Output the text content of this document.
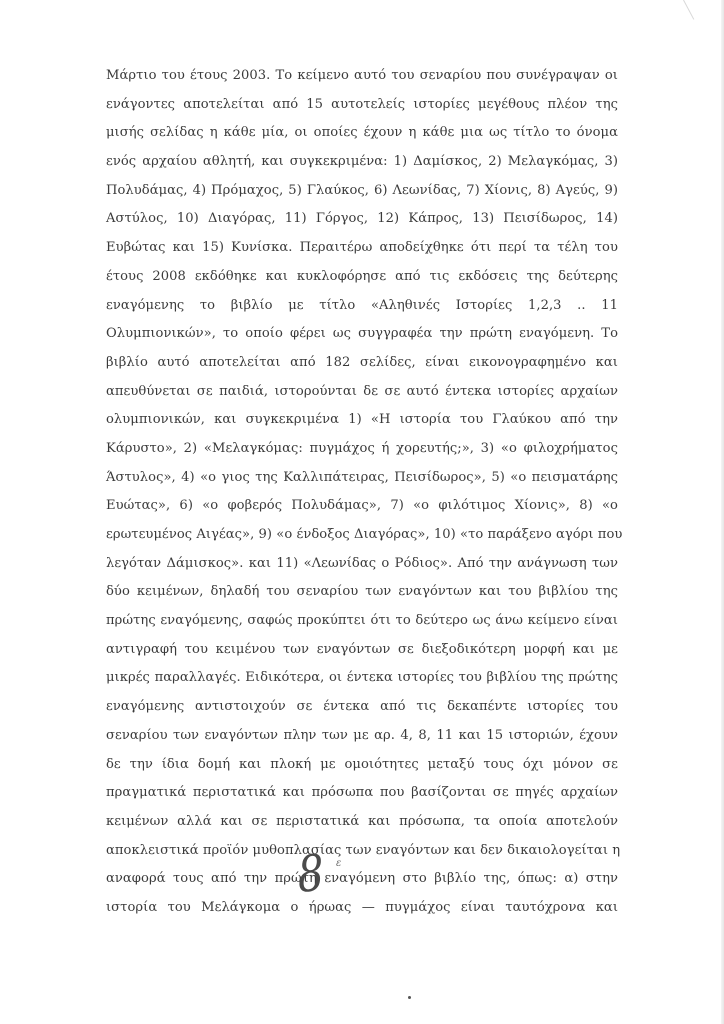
Μάρτιο του έτους 2003. Το κείμενο αυτό του σεναρίου που συνέγραψαν οι
ενάγοντες αποτελείται από 15 αυτοτελείς ιστορίες μεγέθους πλέον της
μισής σελίδας η κάθε μία, οι οποίες έχουν η κάθε μια ως τίτλο το όνομα
ενός αρχαίου αθλητή, και συγκεκριμένα: 1) Δαμίσκος, 2) Μελαγκόμας, 3)
Πολυδάμας, 4) Πρόμαχος, 5) Γλαύκος, 6) Λεωνίδας, 7) Χίονις, 8) Αγεύς, 9)
Αστύλος, 10) Διαγόρας, 11) Γόργος, 12) Κάπρος, 13) Πεισίδωρος, 14)
Ευβώτας και 15) Κυνίσκα. Περαιτέρω αποδείχθηκε ότι περί τα τέλη του
έτους 2008 εκδόθηκε και κυκλοφόρησε από τις εκδόσεις της δεύτερης
εναγόμενης το βιβλίο με τίτλο «Αληθινές Ιστορίες 1,2,3 .. 11
Ολυμπιονικών», το οποίο φέρει ως συγγραφέα την πρώτη εναγόμενη. Το
βιβλίο αυτό αποτελείται από 182 σελίδες, είναι εικονογραφημένο και
απευθύνεται σε παιδιά, ιστορούνται δε σε αυτό έντεκα ιστορίες αρχαίων
ολυμπιονικών, και συγκεκριμένα 1) «Η ιστορία του Γλαύκου από την
Κάρυστο», 2) «Μελαγκόμας: πυγμάχος ή χορευτής;», 3) «ο φιλοχρήματος
Άστυλος», 4) «ο γιος της Καλλιπάτειρας, Πεισίδωρος», 5) «ο πεισματάρης
Ευώτας», 6) «ο φοβερός Πολυδάμας», 7) «ο φιλότιμος Χίονις», 8) «ο
ερωτευμένος Αιγέας», 9) «ο ένδοξος Διαγόρας», 10) «το παράξενο αγόρι που
λεγόταν Δάμισκος». και 11) «Λεωνίδας ο Ρόδιος». Από την ανάγνωση των
δύο κειμένων, δηλαδή του σεναρίου των εναγόντων και του βιβλίου της
πρώτης εναγόμενης, σαφώς προκύπτει ότι το δεύτερο ως άνω κείμενο είναι
αντιγραφή του κειμένου των εναγόντων σε διεξοδικότερη μορφή και με
μικρές παραλλαγές. Ειδικότερα, οι έντεκα ιστορίες του βιβλίου της πρώτης
εναγόμενης αντιστοιχούν σε έντεκα από τις δεκαπέντε ιστορίες του
σεναρίου των εναγόντων πλην των με αρ. 4, 8, 11 και 15 ιστοριών, έχουν
δε την ίδια δομή και πλοκή με ομοιότητες μεταξύ τους όχι μόνον σε
πραγματικά περιστατικά και πρόσωπα που βασίζονται σε πηγές αρχαίων
κειμένων αλλά και σε περιστατικά και πρόσωπα, τα οποία αποτελούν
αποκλειστικά προϊόν μυθοπλασίας των εναγόντων και δεν δικαιολογείται η
αναφορά τους από την πρώτη εναγόμενη στο βιβλίο της, όπως: α) στην
ιστορία του Μελάγκομα ο ήρωας — πυγμάχος είναι ταυτόχρονα και
8 ε
